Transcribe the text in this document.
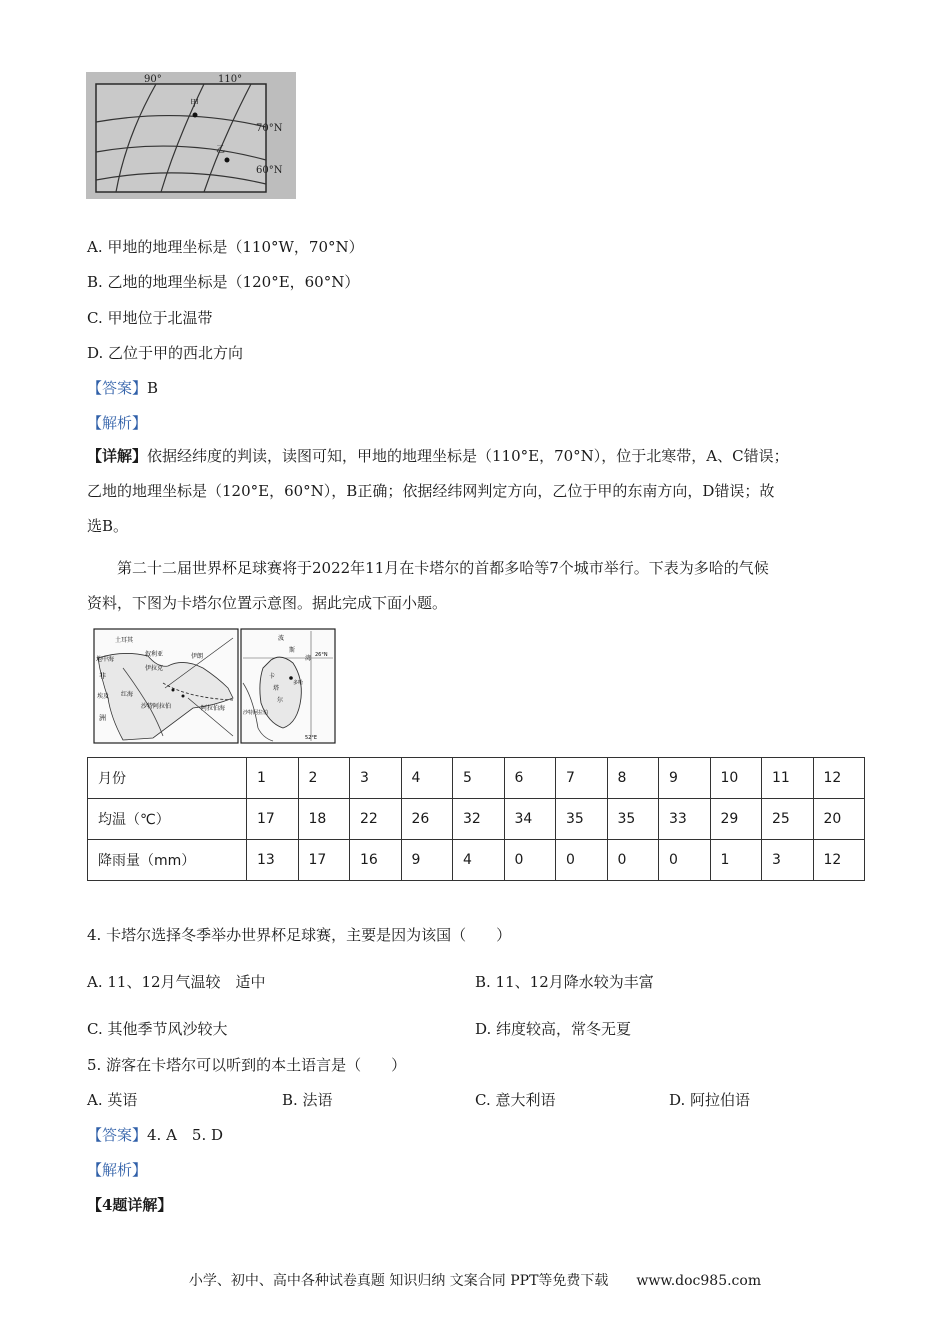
90°	110°
70°N
60°N
甲
乙
A. 甲地的地理坐标是（110°W，70°N）
B. 乙地的地理坐标是（120°E，60°N）
C. 甲地位于北温带
D. 乙位于甲的西北方向
【答案】B
【解析】
【详解】依据经纬度的判读，读图可知，甲地的地理坐标是（110°E，70°N），位于北寒带，A、C错误；
乙地的地理坐标是（120°E，60°N），B正确；依据经纬网判定方向，乙位于甲的东南方向，D错误；故
选B。
第二十二届世界杯足球赛将于2022年11月在卡塔尔的首都多哈等7个城市举行。下表为多哈的气候
资料，下图为卡塔尔位置示意图。据此完成下面小题。
土耳其
地中海
叙利亚
伊拉克
伊朗
非
埃及
洲
红海
沙特阿拉伯	阿拉伯海
波
斯
湾
卡
塔
尔
多哈
沙特阿拉伯
26°N
52°E
月份	1	2	3	4	5	6	7	8	9	10	11	12
均温（℃）	17	18	22	26	32	34	35	35	33	29	25	20
降雨量（mm）	13	17	16	9	4	0	0	0	0	1	3	12
4. 卡塔尔选择冬季举办世界杯足球赛，主要是因为该国（　　）
A. 11、12月气温较　适中	B. 11、12月降水较为丰富
C. 其他季节风沙较大	D. 纬度较高，常冬无夏
5. 游客在卡塔尔可以听到的本土语言是（　　）
A. 英语	B. 法语	C. 意大利语	D. 阿拉伯语
【答案】4. A　5. D
【解析】
【4题详解】
小学、初中、高中各种试卷真题 知识归纳 文案合同 PPT等免费下载　　www.doc985.com
